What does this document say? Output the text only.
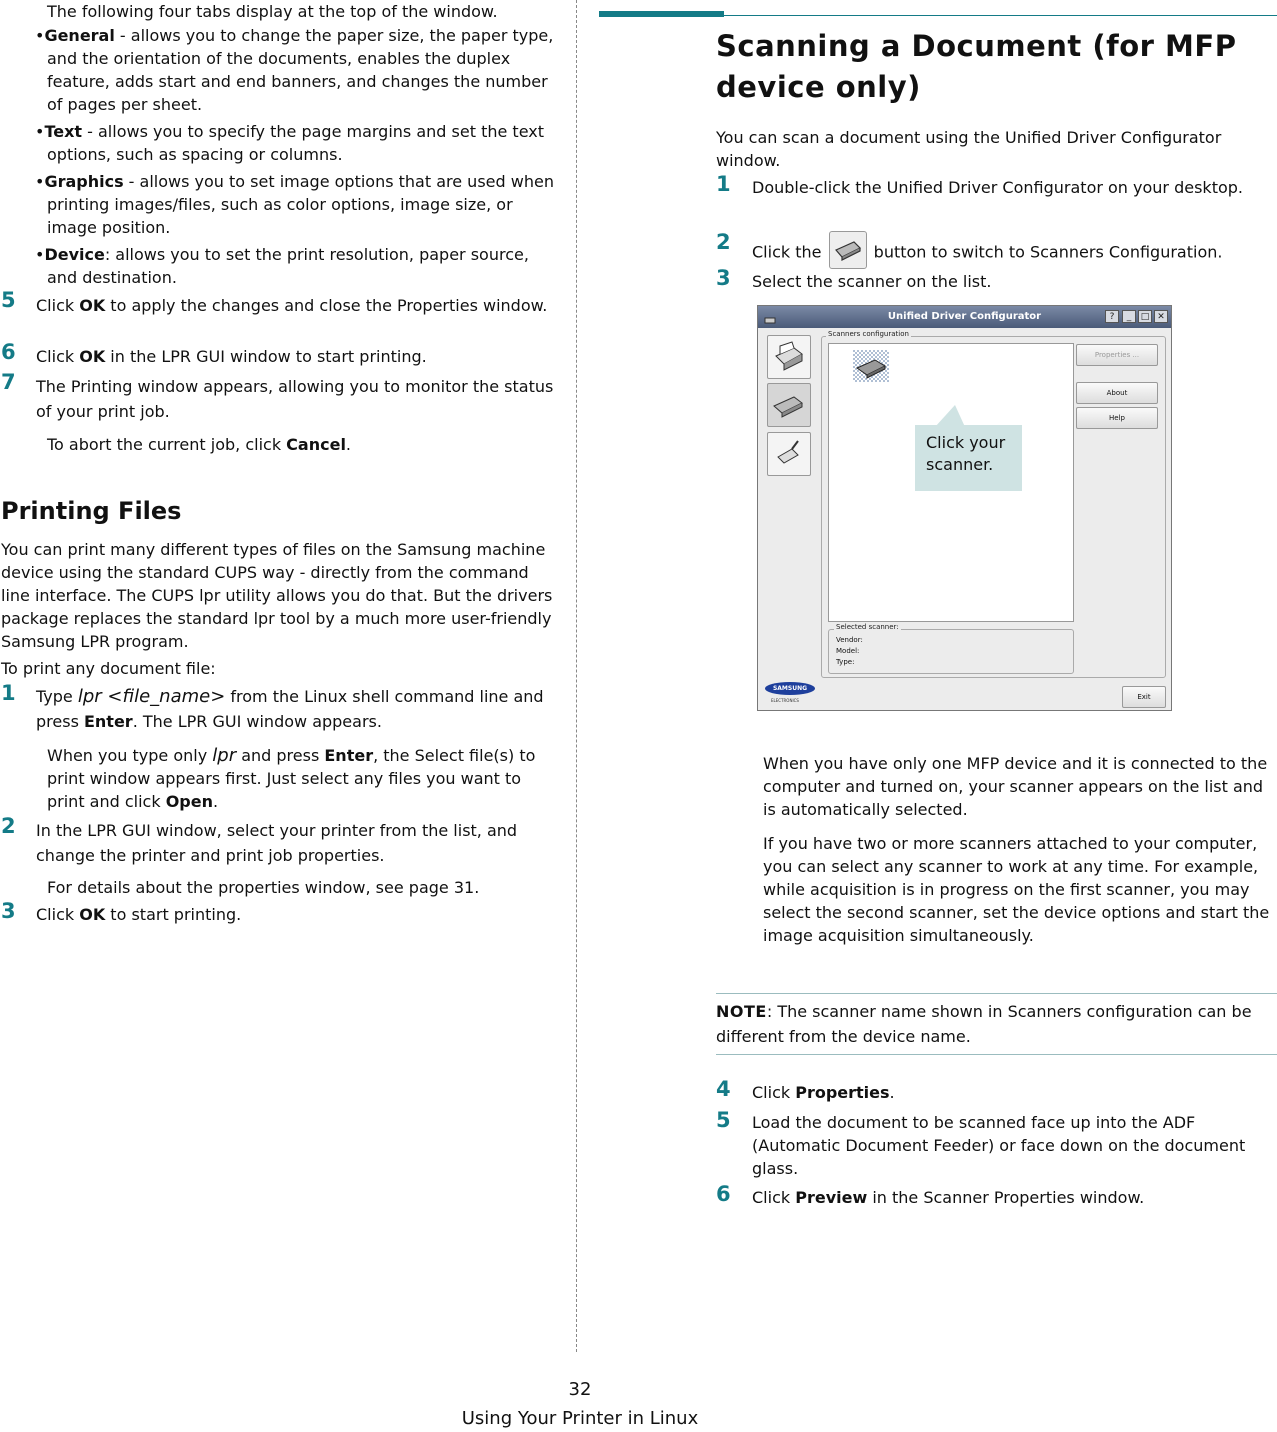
The following four tabs display at the top of the window.

•General - allows you to change the paper size, the paper type, and the orientation of the documents, enables the duplex feature, adds start and end banners, and changes the number of pages per sheet.

•Text - allows you to specify the page margins and set the text options, such as spacing or columns.

•Graphics - allows you to set image options that are used when printing images/files, such as color options, image size, or image position.

•Device: allows you to set the print resolution, paper source, and destination.

5 Click OK to apply the changes and close the Properties window.

6 Click OK in the LPR GUI window to start printing.

7 The Printing window appears, allowing you to monitor the status of your print job.

To abort the current job, click Cancel.

Printing Files

You can print many different types of files on the Samsung machine device using the standard CUPS way - directly from the command line interface. The CUPS lpr utility allows you do that. But the drivers package replaces the standard lpr tool by a much more user-friendly Samsung LPR program.

To print any document file:

1 Type lpr <file_name> from the Linux shell command line and press Enter. The LPR GUI window appears.

When you type only lpr and press Enter, the Select file(s) to print window appears first. Just select any files you want to print and click Open.

2 In the LPR GUI window, select your printer from the list, and change the printer and print job properties.

For details about the properties window, see page 31.

3 Click OK to start printing.

Scanning a Document (for MFP device only)

You can scan a document using the Unified Driver Configurator window.

1 Double-click the Unified Driver Configurator on your desktop.

2 Click the	button to switch to Scanners Configuration.

3 Select the scanner on the list.

Unified Driver Configurator	?	_	□ ✕
Scanners configuration
Properties ...
About
Help
Selected scanner:
Vendor:
Model:
Type:
SAMSUNG
ELECTRONICS	Exit

Click your scanner.

When you have only one MFP device and it is connected to the computer and turned on, your scanner appears on the list and is automatically selected.

If you have two or more scanners attached to your computer, you can select any scanner to work at any time. For example, while acquisition is in progress on the first scanner, you may select the second scanner, set the device options and start the image acquisition simultaneously.

NOTE: The scanner name shown in Scanners configuration can be different from the device name.

4 Click Properties.

5 Load the document to be scanned face up into the ADF (Automatic Document Feeder) or face down on the document glass.

6 Click Preview in the Scanner Properties window.

32
Using Your Printer in Linux
